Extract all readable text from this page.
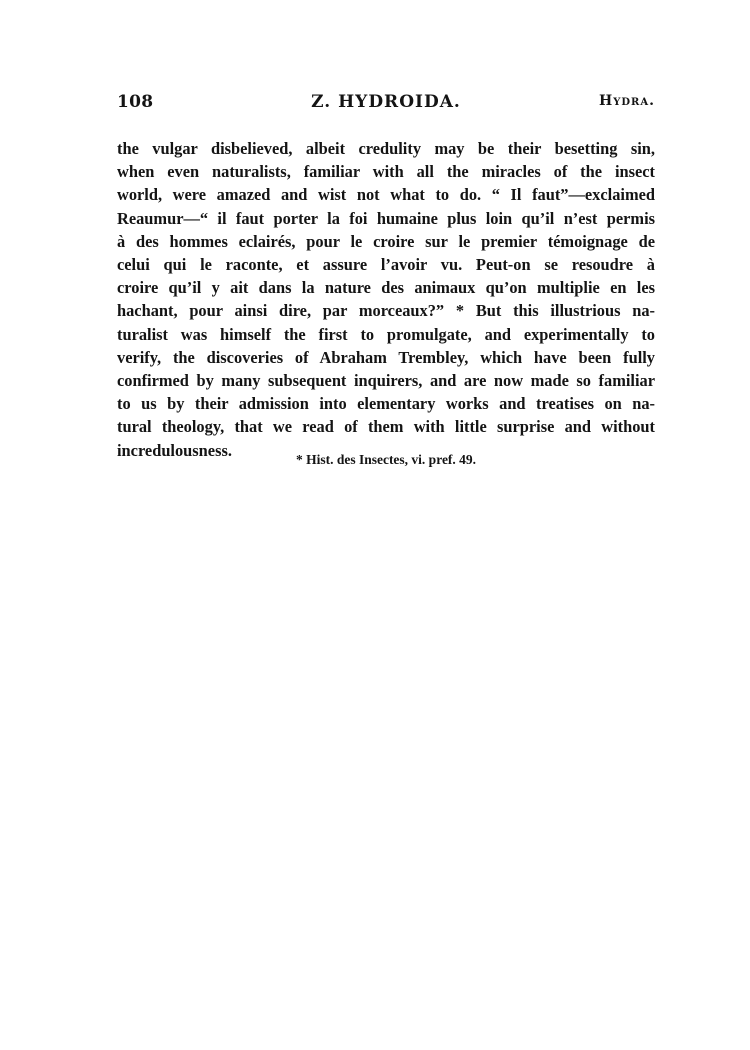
108	Z. HYDROIDA.	Hydra.
the vulgar disbelieved, albeit credulity may be their besetting sin,
when even naturalists, familiar with all the miracles of the insect
world, were amazed and wist not what to do. “ Il faut”—exclaimed
Reaumur—“ il faut porter la foi humaine plus loin qu’il n’est permis
à des hommes eclairés, pour le croire sur le premier témoignage de
celui qui le raconte, et assure l’avoir vu. Peut-on se resoudre à
croire qu’il y ait dans la nature des animaux qu’on multiplie en les
hachant, pour ainsi dire, par morceaux?” * But this illustrious na-
turalist was himself the first to promulgate, and experimentally to
verify, the discoveries of Abraham Trembley, which have been fully
confirmed by many subsequent inquirers, and are now made so familiar
to us by their admission into elementary works and treatises on na-
tural theology, that we read of them with little surprise and without
incredulousness.	* Hist. des Insectes, vi. pref. 49.
